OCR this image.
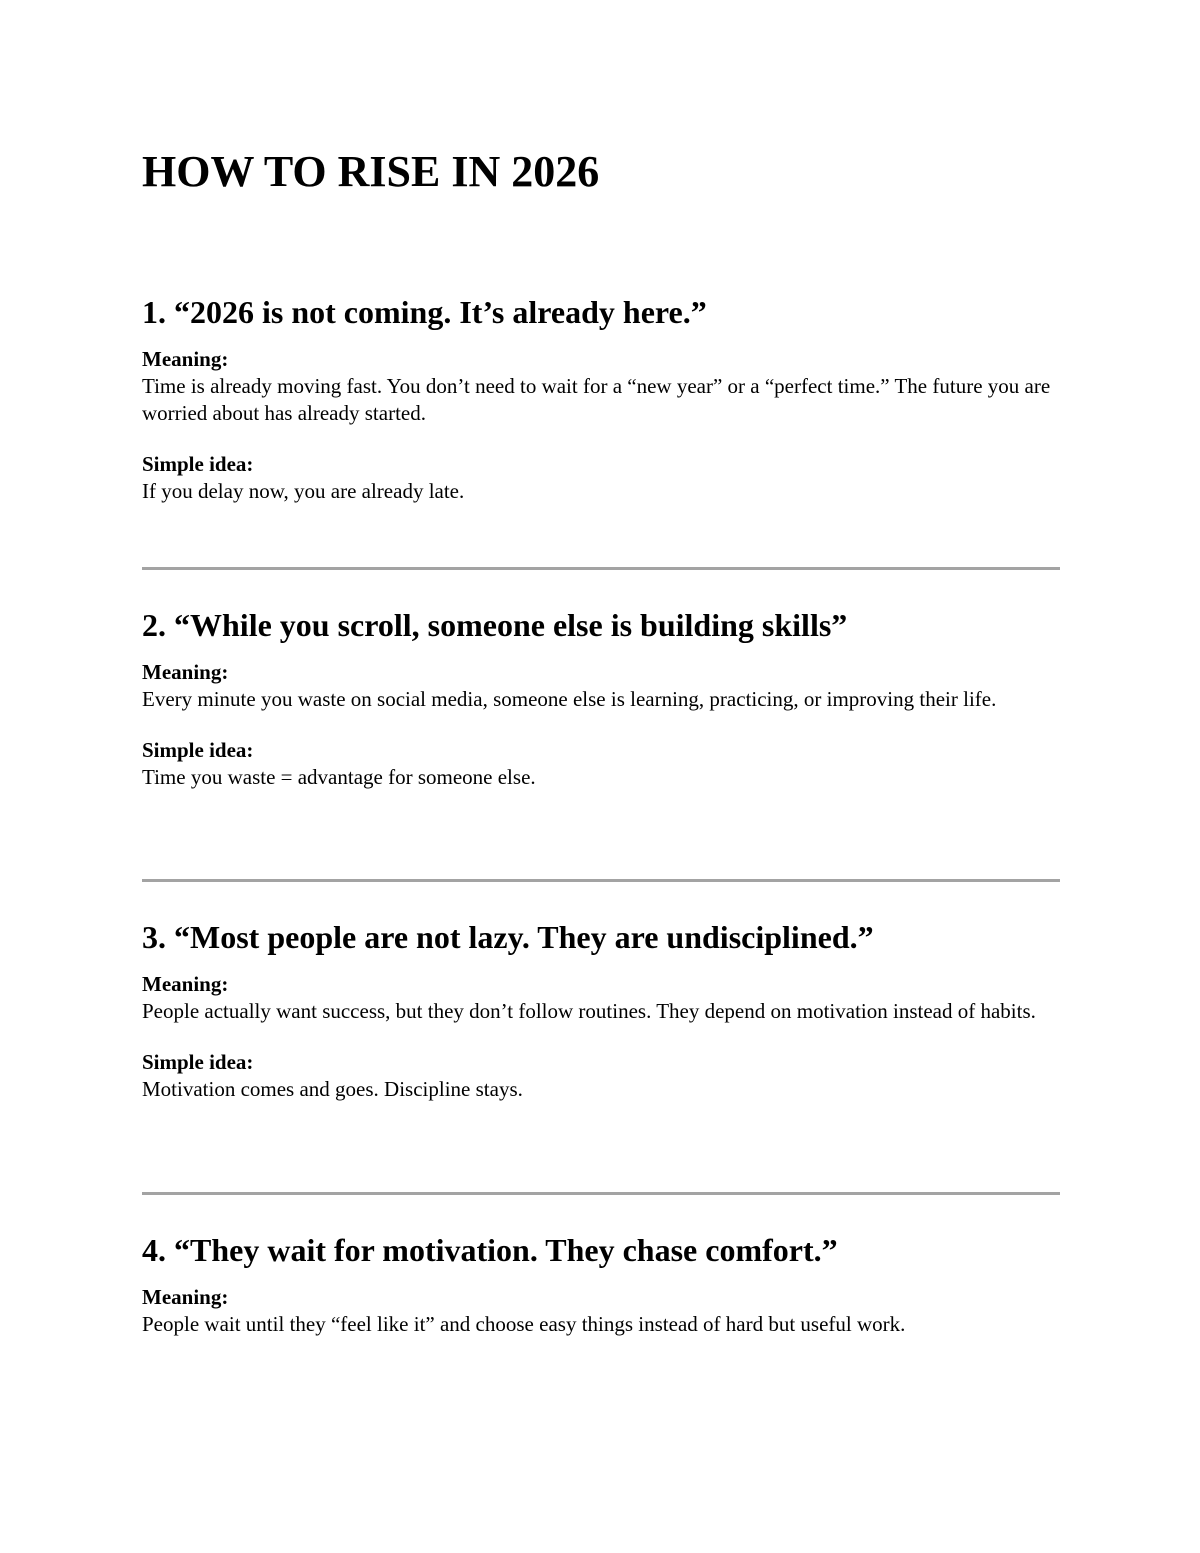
HOW TO RISE IN 2026
1. “2026 is not coming. It’s already here.”

Meaning:

Time is already moving fast. You don’t need to wait for a “new year” or a “perfect time.” The future you are worried about has already started.

Simple idea:

If you delay now, you are already late.

2. “While you scroll, someone else is building skills”

Meaning:

Every minute you waste on social media, someone else is learning, practicing, or improving their life.

Simple idea:

Time you waste = advantage for someone else.

3. “Most people are not lazy. They are undisciplined.”

Meaning:

People actually want success, but they don’t follow routines. They depend on motivation instead of habits.

Simple idea:

Motivation comes and goes. Discipline stays.

4. “They wait for motivation. They chase comfort.”

Meaning:

People wait until they “feel like it” and choose easy things instead of hard but useful work.
